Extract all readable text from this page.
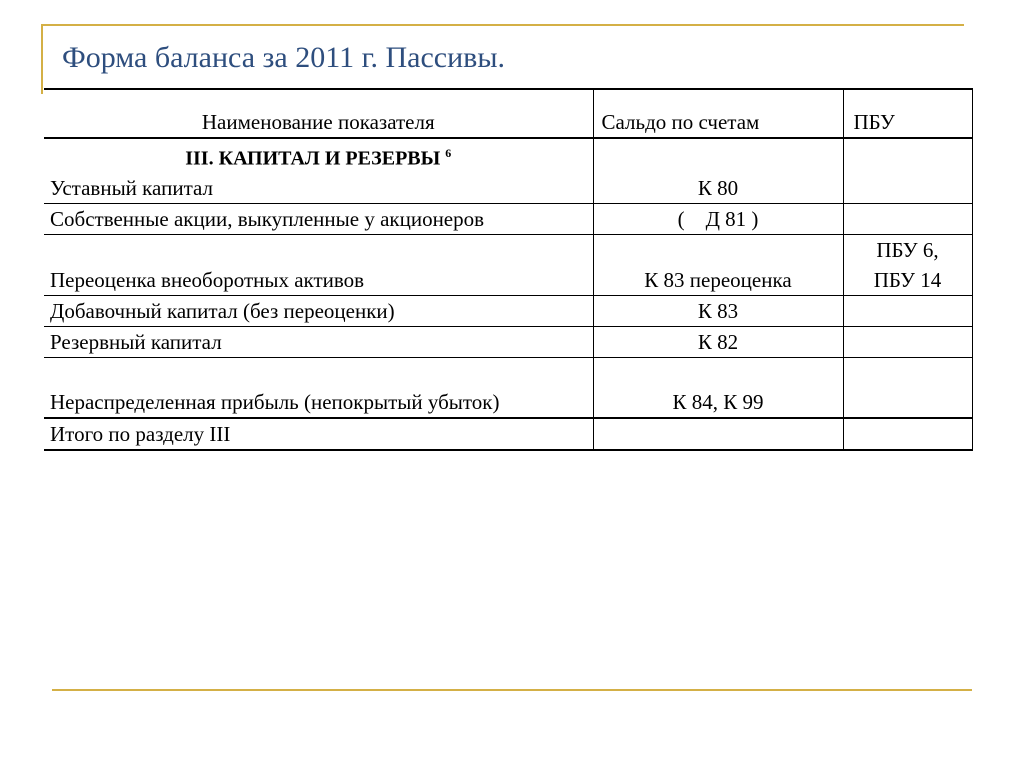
Форма баланса за 2011 г. Пассивы.
Наименование показателя	Сальдо по счетам	ПБУ

III. КАПИТАЛ И РЕЗЕРВЫ $^6$
Уставный капитал	К 80	
Собственные акции, выкупленные у акционеров	(    Д 81 )	
Переоценка внеоборотных активов	К 83 переоценка	ПБУ 6, ПБУ 14
Добавочный капитал (без переоценки)	К 83	
Резервный капитал	К 82	
Нераспределенная прибыль (непокрытый убыток)	К 84, К 99	
Итого по разделу III		
